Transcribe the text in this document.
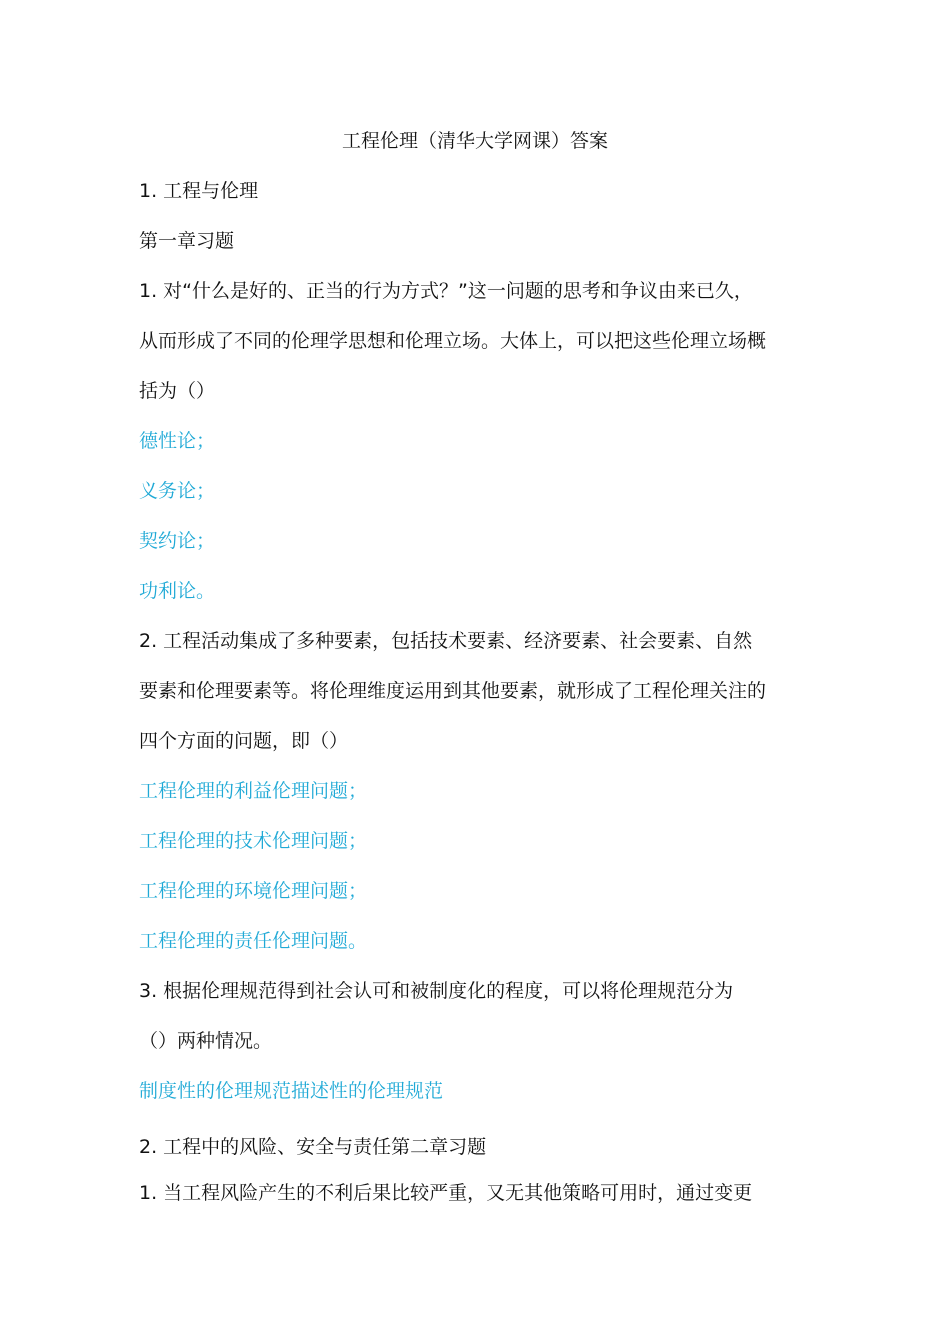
工程伦理（清华大学网课）答案
1. 工程与伦理
第一章习题
1. 对“什么是好的、正当的行为方式？”这一问题的思考和争议由来已久，
从而形成了不同的伦理学思想和伦理立场。大体上，可以把这些伦理立场概
括为（）
德性论；
义务论；
契约论；
功利论。
2. 工程活动集成了多种要素，包括技术要素、经济要素、社会要素、自然
要素和伦理要素等。将伦理维度运用到其他要素，就形成了工程伦理关注的
四个方面的问题，即（）
工程伦理的利益伦理问题；
工程伦理的技术伦理问题；
工程伦理的环境伦理问题；
工程伦理的责任伦理问题。
3. 根据伦理规范得到社会认可和被制度化的程度，可以将伦理规范分为
（）两种情况。
制度性的伦理规范描述性的伦理规范
2. 工程中的风险、安全与责任第二章习题
1. 当工程风险产生的不利后果比较严重，又无其他策略可用时，通过变更
